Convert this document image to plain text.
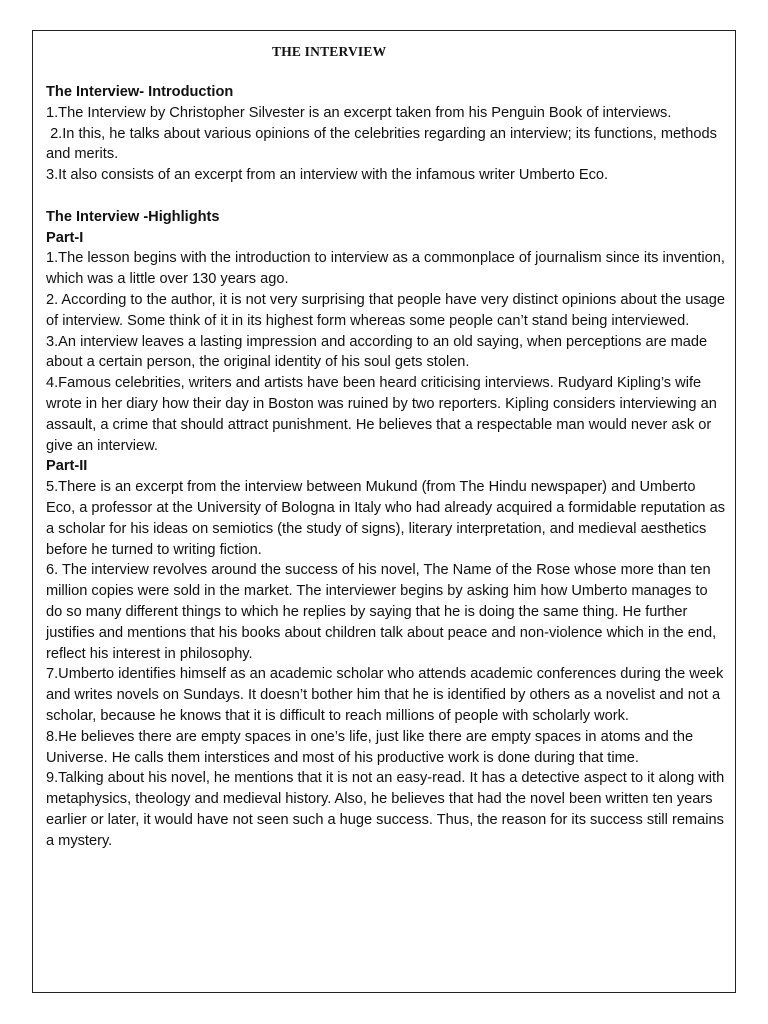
THE INTERVIEW
The Interview- Introduction

1.The Interview by Christopher Silvester is an excerpt taken from his Penguin Book of interviews.

2.In this, he talks about various opinions of the celebrities regarding an interview; its functions, methods and merits.

3.It also consists of an excerpt from an interview with the infamous writer Umberto Eco.

The Interview -Highlights
Part-I

1.The lesson begins with the introduction to interview as a commonplace of journalism since its invention, which was a little over 130 years ago.

2. According to the author, it is not very surprising that people have very distinct opinions about the usage of interview. Some think of it in its highest form whereas some people can’t stand being interviewed.

3.An interview leaves a lasting impression and according to an old saying, when perceptions are made about a certain person, the original identity of his soul gets stolen.

4.Famous celebrities, writers and artists have been heard criticising interviews. Rudyard Kipling’s wife wrote in her diary how their day in Boston was ruined by two reporters. Kipling considers interviewing an assault, a crime that should attract punishment. He believes that a respectable man would never ask or give an interview.

Part-II

5.There is an excerpt from the interview between Mukund (from The Hindu newspaper) and Umberto Eco, a professor at the University of Bologna in Italy who had already acquired a formidable reputation as a scholar for his ideas on semiotics (the study of signs), literary interpretation, and medieval aesthetics before he turned to writing fiction.

6. The interview revolves around the success of his novel, The Name of the Rose whose more than ten million copies were sold in the market. The interviewer begins by asking him how Umberto manages to do so many different things to which he replies by saying that he is doing the same thing. He further justifies and mentions that his books about children talk about peace and non-violence which in the end, reflect his interest in philosophy.

7.Umberto identifies himself as an academic scholar who attends academic conferences during the week and writes novels on Sundays. It doesn’t bother him that he is identified by others as a novelist and not a scholar, because he knows that it is difficult to reach millions of people with scholarly work.

8.He believes there are empty spaces in one’s life, just like there are empty spaces in atoms and the Universe. He calls them interstices and most of his productive work is done during that time.

9.Talking about his novel, he mentions that it is not an easy-read. It has a detective aspect to it along with metaphysics, theology and medieval history. Also, he believes that had the novel been written ten years earlier or later, it would have not seen such a huge success. Thus, the reason for its success still remains a mystery.
